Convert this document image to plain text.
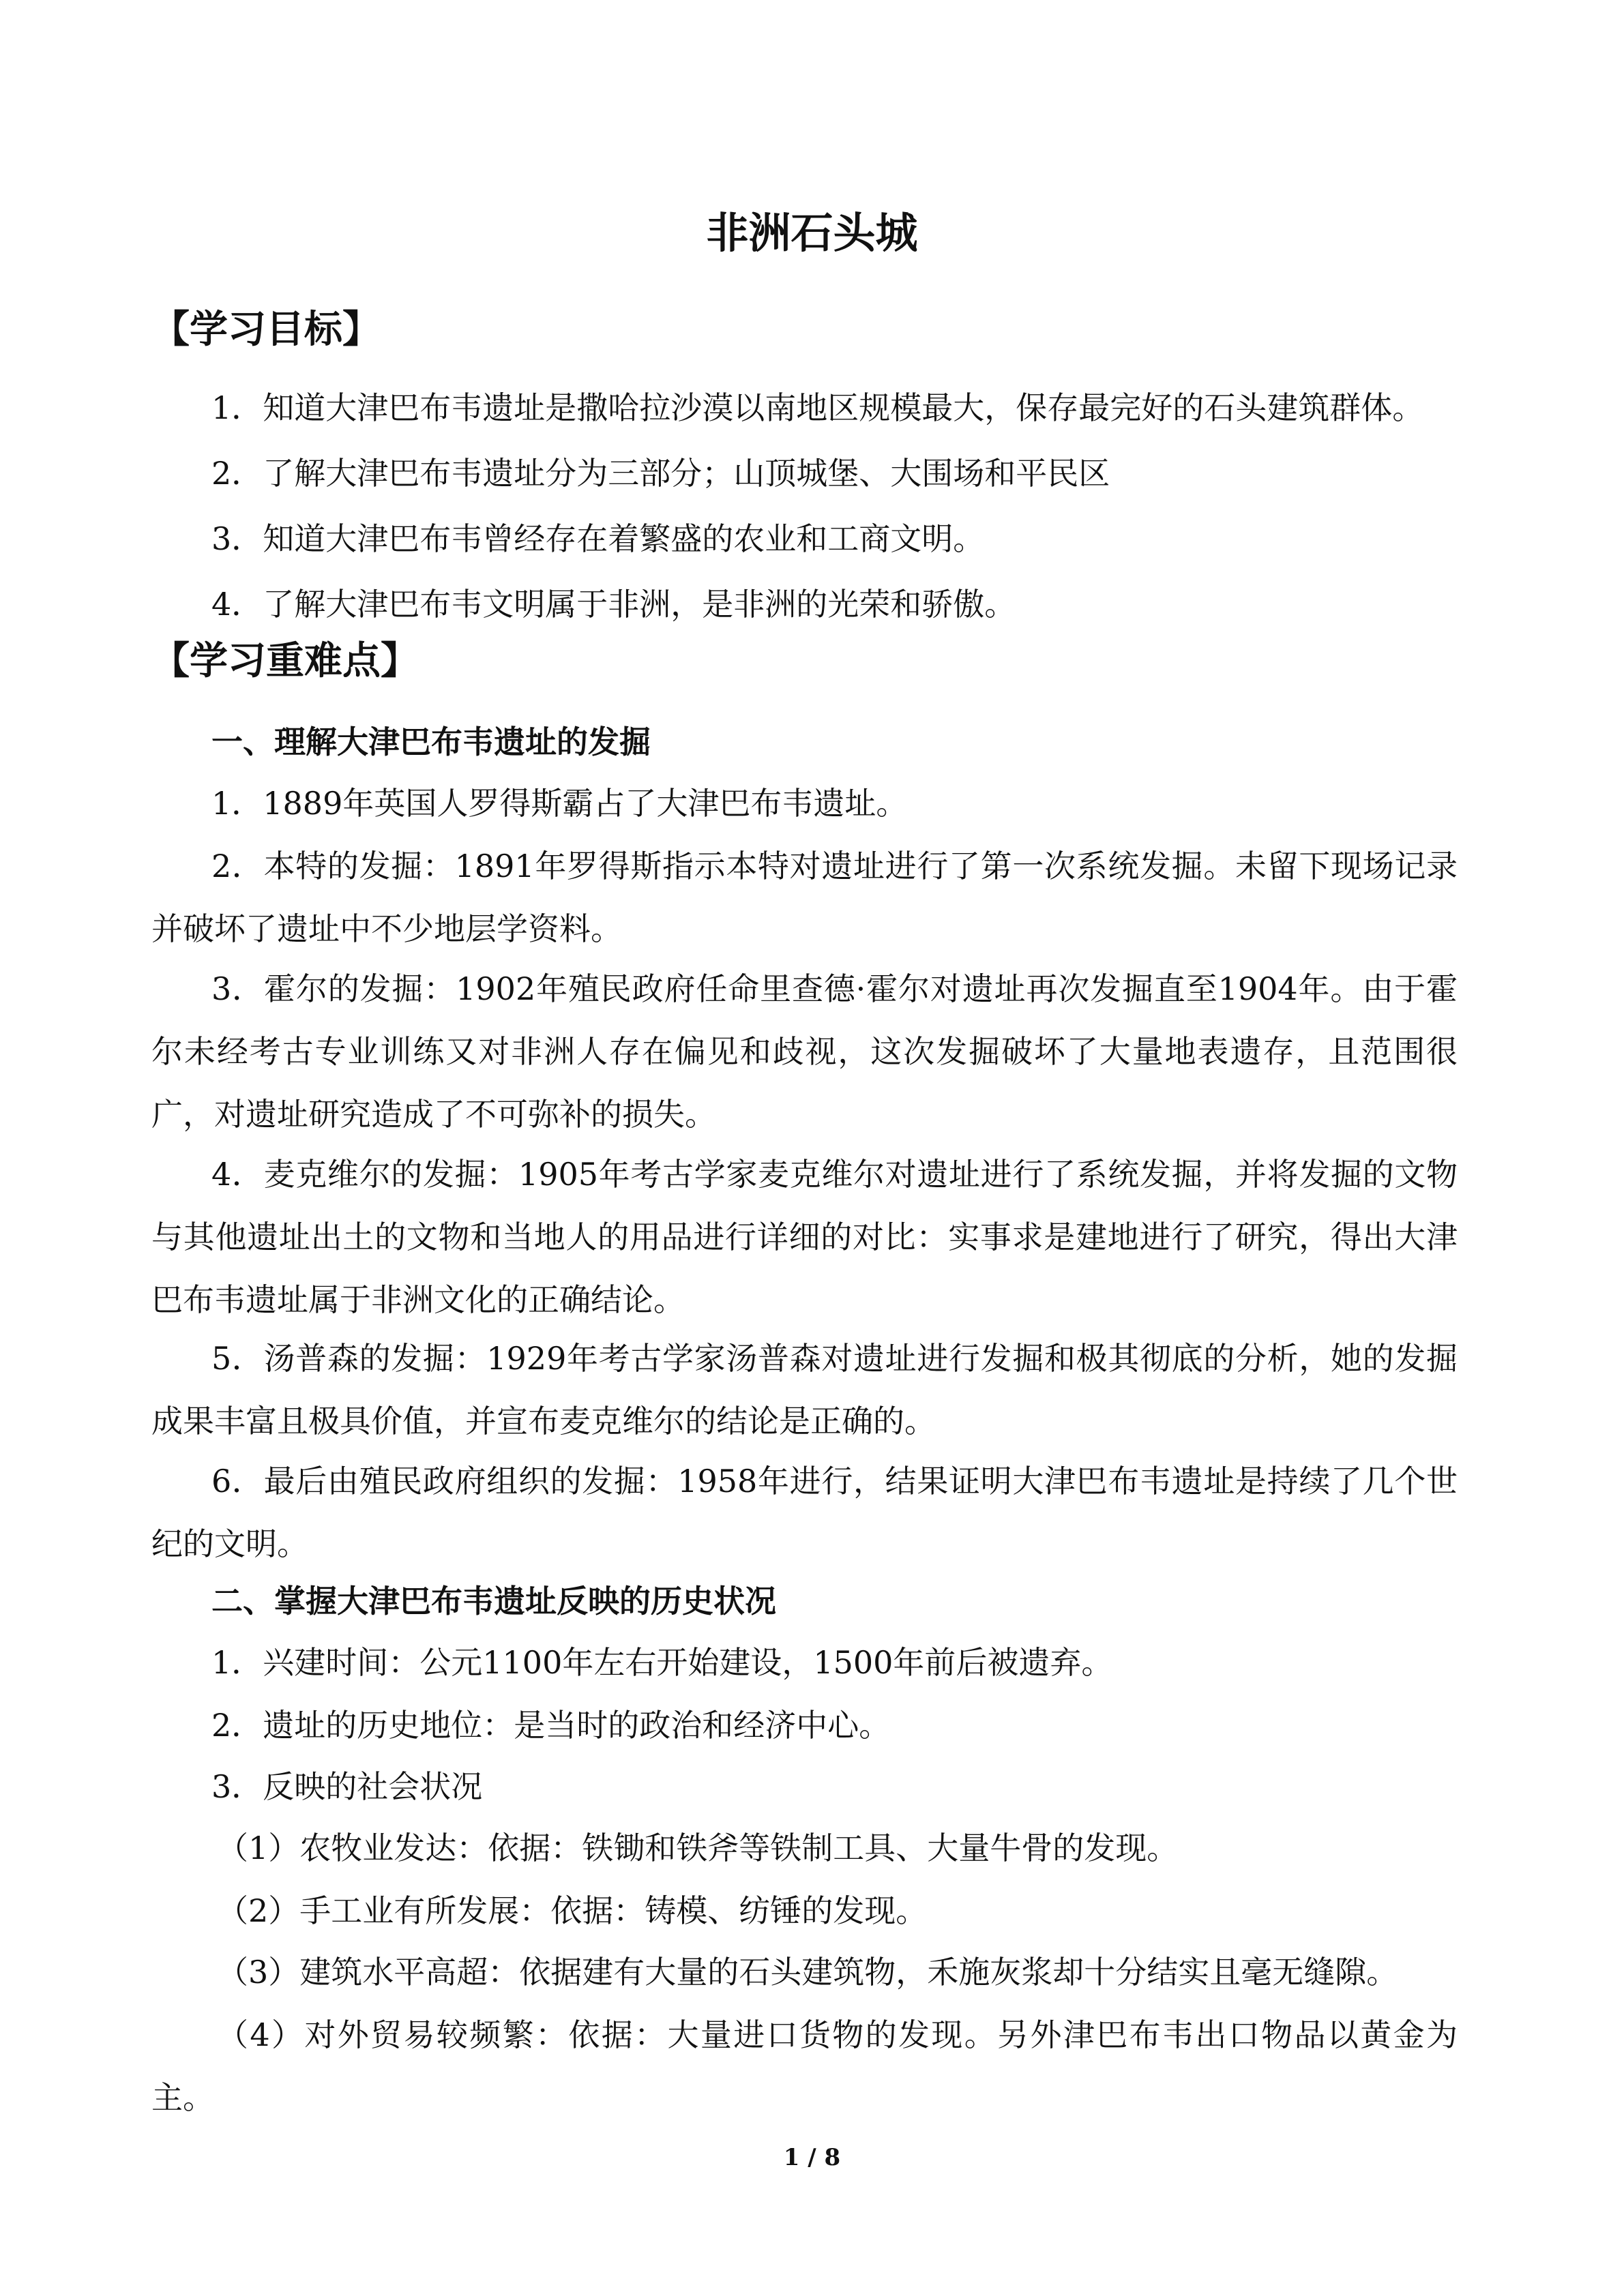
非洲石头城
【学习目标】
1．知道大津巴布韦遗址是撒哈拉沙漠以南地区规模最大，保存最完好的石头建筑群体。
2．了解大津巴布韦遗址分为三部分；山顶城堡、大围场和平民区
3．知道大津巴布韦曾经存在着繁盛的农业和工商文明。
4．了解大津巴布韦文明属于非洲，是非洲的光荣和骄傲。
【学习重难点】
一、理解大津巴布韦遗址的发掘
1．1889年英国人罗得斯霸占了大津巴布韦遗址。
2．本特的发掘：1891年罗得斯指示本特对遗址进行了第一次系统发掘。未留下现场记录并破坏了遗址中不少地层学资料。
3．霍尔的发掘：1902年殖民政府任命里查德·霍尔对遗址再次发掘直至1904年。由于霍尔未经考古专业训练又对非洲人存在偏见和歧视，这次发掘破坏了大量地表遗存，且范围很广，对遗址研究造成了不可弥补的损失。
4．麦克维尔的发掘：1905年考古学家麦克维尔对遗址进行了系统发掘，并将发掘的文物与其他遗址出土的文物和当地人的用品进行详细的对比：实事求是建地进行了研究，得出大津巴布韦遗址属于非洲文化的正确结论。
5．汤普森的发掘：1929年考古学家汤普森对遗址进行发掘和极其彻底的分析，她的发掘成果丰富且极具价值，并宣布麦克维尔的结论是正确的。
6．最后由殖民政府组织的发掘：1958年进行，结果证明大津巴布韦遗址是持续了几个世纪的文明。
二、掌握大津巴布韦遗址反映的历史状况
1．兴建时间：公元1100年左右开始建设，1500年前后被遗弃。
2．遗址的历史地位：是当时的政治和经济中心。
3．反映的社会状况
（1）农牧业发达：依据：铁锄和铁斧等铁制工具、大量牛骨的发现。
（2）手工业有所发展：依据：铸模、纺锤的发现。
（3）建筑水平高超：依据建有大量的石头建筑物，禾施灰浆却十分结实且毫无缝隙。
（4）对外贸易较频繁：依据：大量进口货物的发现。另外津巴布韦出口物品以黄金为主。
1 / 8
